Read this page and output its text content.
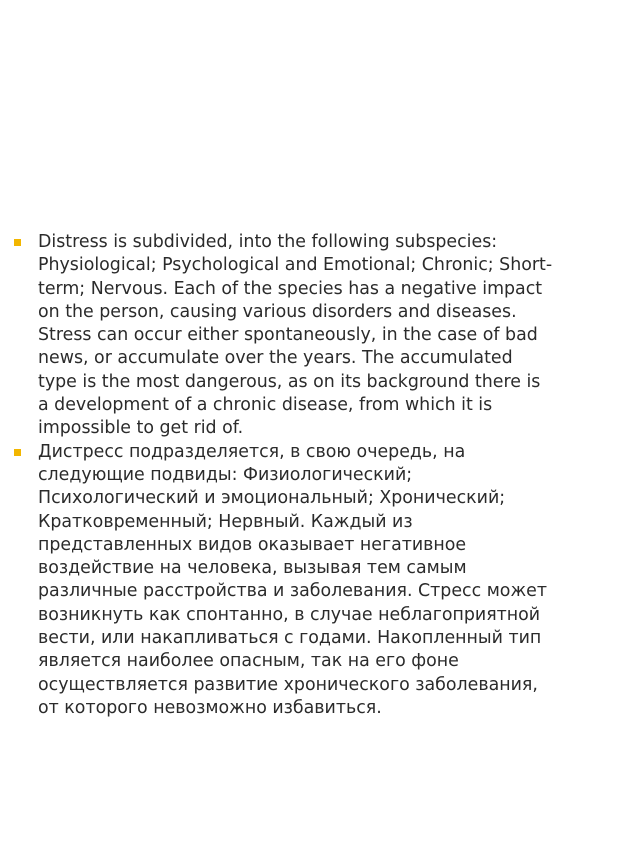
Distress is subdivided, into the following subspecies: Physiological; Psychological and Emotional; Chronic; Short-term; Nervous. Each of the species has a negative impact on the person, causing various disorders and diseases. Stress can occur either spontaneously, in the case of bad news, or accumulate over the years. The accumulated type is the most dangerous, as on its background there is a development of a chronic disease, from which it is impossible to get rid of.
Дистресс подразделяется, в свою очередь, на следующие подвиды: Физиологический; Психологический и эмоциональный; Хронический; Кратковременный; Нервный. Каждый из представленных видов оказывает негативное воздействие на человека, вызывая тем самым различные расстройства и заболевания. Стресс может возникнуть как спонтанно, в случае неблагоприятной вести, или накапливаться с годами. Накопленный тип является наиболее опасным, так на его фоне осуществляется развитие хронического заболевания, от которого невозможно избавиться.
